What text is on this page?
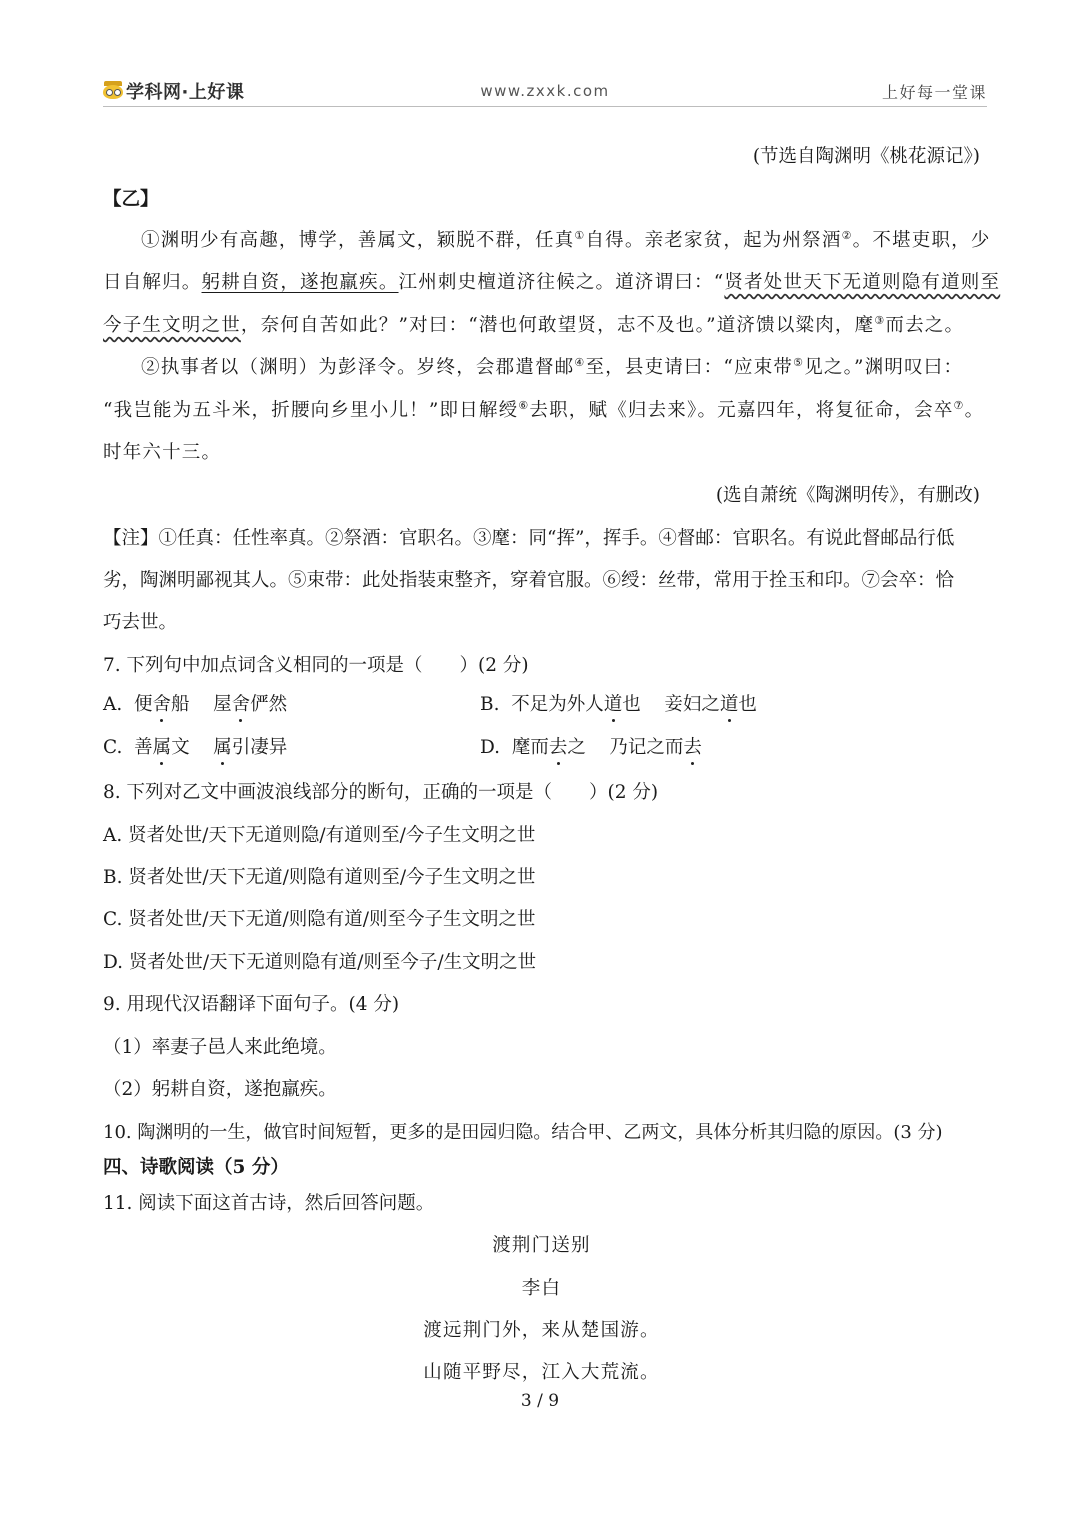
学科网·上好课	www.zxxk.com	上好每一堂课
(节选自陶渊明《桃花源记》)
【乙】
①渊明少有高趣，博学，善属文，颖脱不群，任真①自得。亲老家贫，起为州祭酒②。不堪吏职，少
日自解归。躬耕自资，遂抱羸疾。江州刺史檀道济往候之。道济谓曰：“贤者处世天下无道则隐有道则至
今子生文明之世，奈何自苦如此？”对曰：“潜也何敢望贤，志不及也。”道济馈以粱肉，麾③而去之。
②执事者以（渊明）为彭泽令。岁终，会郡遣督邮④至，县吏请曰：“应束带⑤见之。”渊明叹曰：
“我岂能为五斗米，折腰向乡里小儿！”即日解绶⑥去职，赋《归去来》。元嘉四年，将复征命，会卒⑦。
时年六十三。
(选自萧统《陶渊明传》，有删改)
【注】①任真：任性率真。②祭酒：官职名。③麾：同“挥”，挥手。④督邮：官职名。有说此督邮品行低
劣，陶渊明鄙视其人。⑤束带：此处指装束整齐，穿着官服。⑥绶：丝带，常用于拴玉和印。⑦会卒：恰
巧去世。
7. 下列句中加点词含义相同的一项是（　　）(2 分)
A. 便舍船 屋舍俨然	B. 不足为外人道也 妾妇之道也
C. 善属文 属引凄异	D. 麾而去之 乃记之而去
8. 下列对乙文中画波浪线部分的断句，正确的一项是（　　）(2 分)
A. 贤者处世/天下无道则隐/有道则至/今子生文明之世
B. 贤者处世/天下无道/则隐有道则至/今子生文明之世
C. 贤者处世/天下无道/则隐有道/则至今子生文明之世
D. 贤者处世/天下无道则隐有道/则至今子/生文明之世
9. 用现代汉语翻译下面句子。(4 分)
（1）率妻子邑人来此绝境。
（2）躬耕自资，遂抱羸疾。
10. 陶渊明的一生，做官时间短暂，更多的是田园归隐。结合甲、乙两文，具体分析其归隐的原因。(3 分)
四、诗歌阅读（5 分）
11. 阅读下面这首古诗，然后回答问题。
渡荆门送别
李白
渡远荆门外，来从楚国游。
山随平野尽，江入大荒流。
3 / 9
